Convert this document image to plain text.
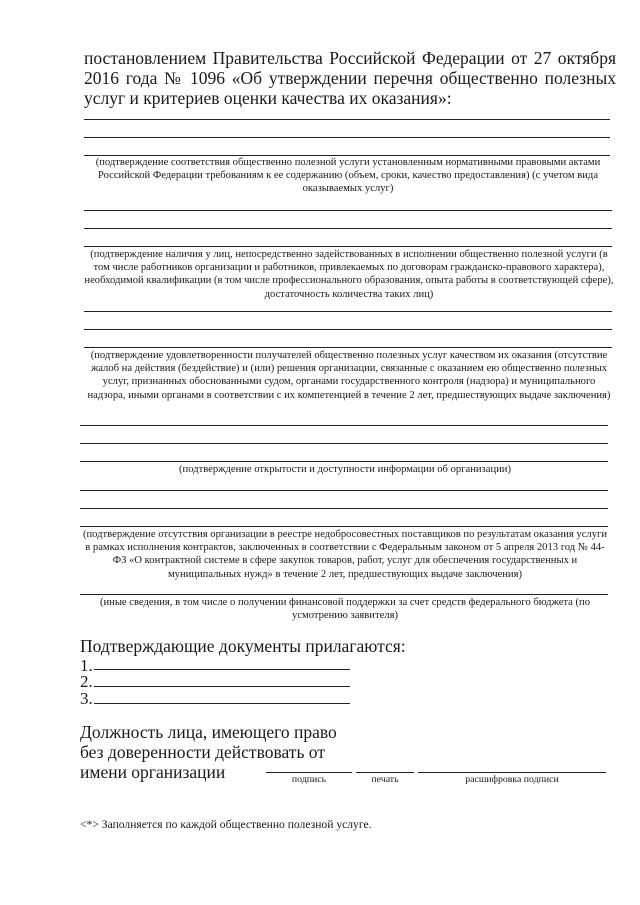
постановлением Правительства Российской Федерации от 27 октября 2016 года № 1096 «Об утверждении перечня общественно полезных услуг и критериев оценки качества их оказания»:
(подтверждение соответствия общественно полезной услуги установленным нормативными правовыми актами Российской Федерации требованиям к ее содержанию (объем, сроки, качество предоставления) (с учетом вида оказываемых услуг)
(подтверждение наличия у лиц, непосредственно задействованных в исполнении общественно полезной услуги (в том числе работников организации и работников, привлекаемых по договорам гражданско-правового характера), необходимой квалификации (в том числе профессионального образования, опыта работы в соответствующей сфере), достаточность количества таких лиц)
(подтверждение удовлетворенности получателей общественно полезных услуг качеством их оказания (отсутствие жалоб на действия (бездействие) и (или) решения организации, связанные с оказанием ею общественно полезных услуг, признанных обоснованными судом, органами государственного контроля (надзора) и муниципального надзора, иными органами в соответствии с их компетенцией в течение 2 лет, предшествующих выдаче заключения)
(подтверждение открытости и доступности информации об организации)
(подтверждение отсутствия организации в реестре недобросовестных поставщиков по результатам оказания услуги в рамках исполнения контрактов, заключенных в соответствии с Федеральным законом от 5 апреля 2013 год № 44-ФЗ «О контрактной системе в сфере закупок товаров, работ, услуг для обеспечения государственных и муниципальных нужд» в течение 2 лет, предшествующих выдаче заключения)
(иные сведения, в том числе о получении финансовой поддержки за счет средств федерального бюджета (по усмотрению заявителя)
Подтверждающие документы прилагаются:
1.
2.
3.
Должность лица, имеющего право без доверенности действовать от имени организации	подпись	печать	расшифровка подписи
<*> Заполняется по каждой общественно полезной услуге.
